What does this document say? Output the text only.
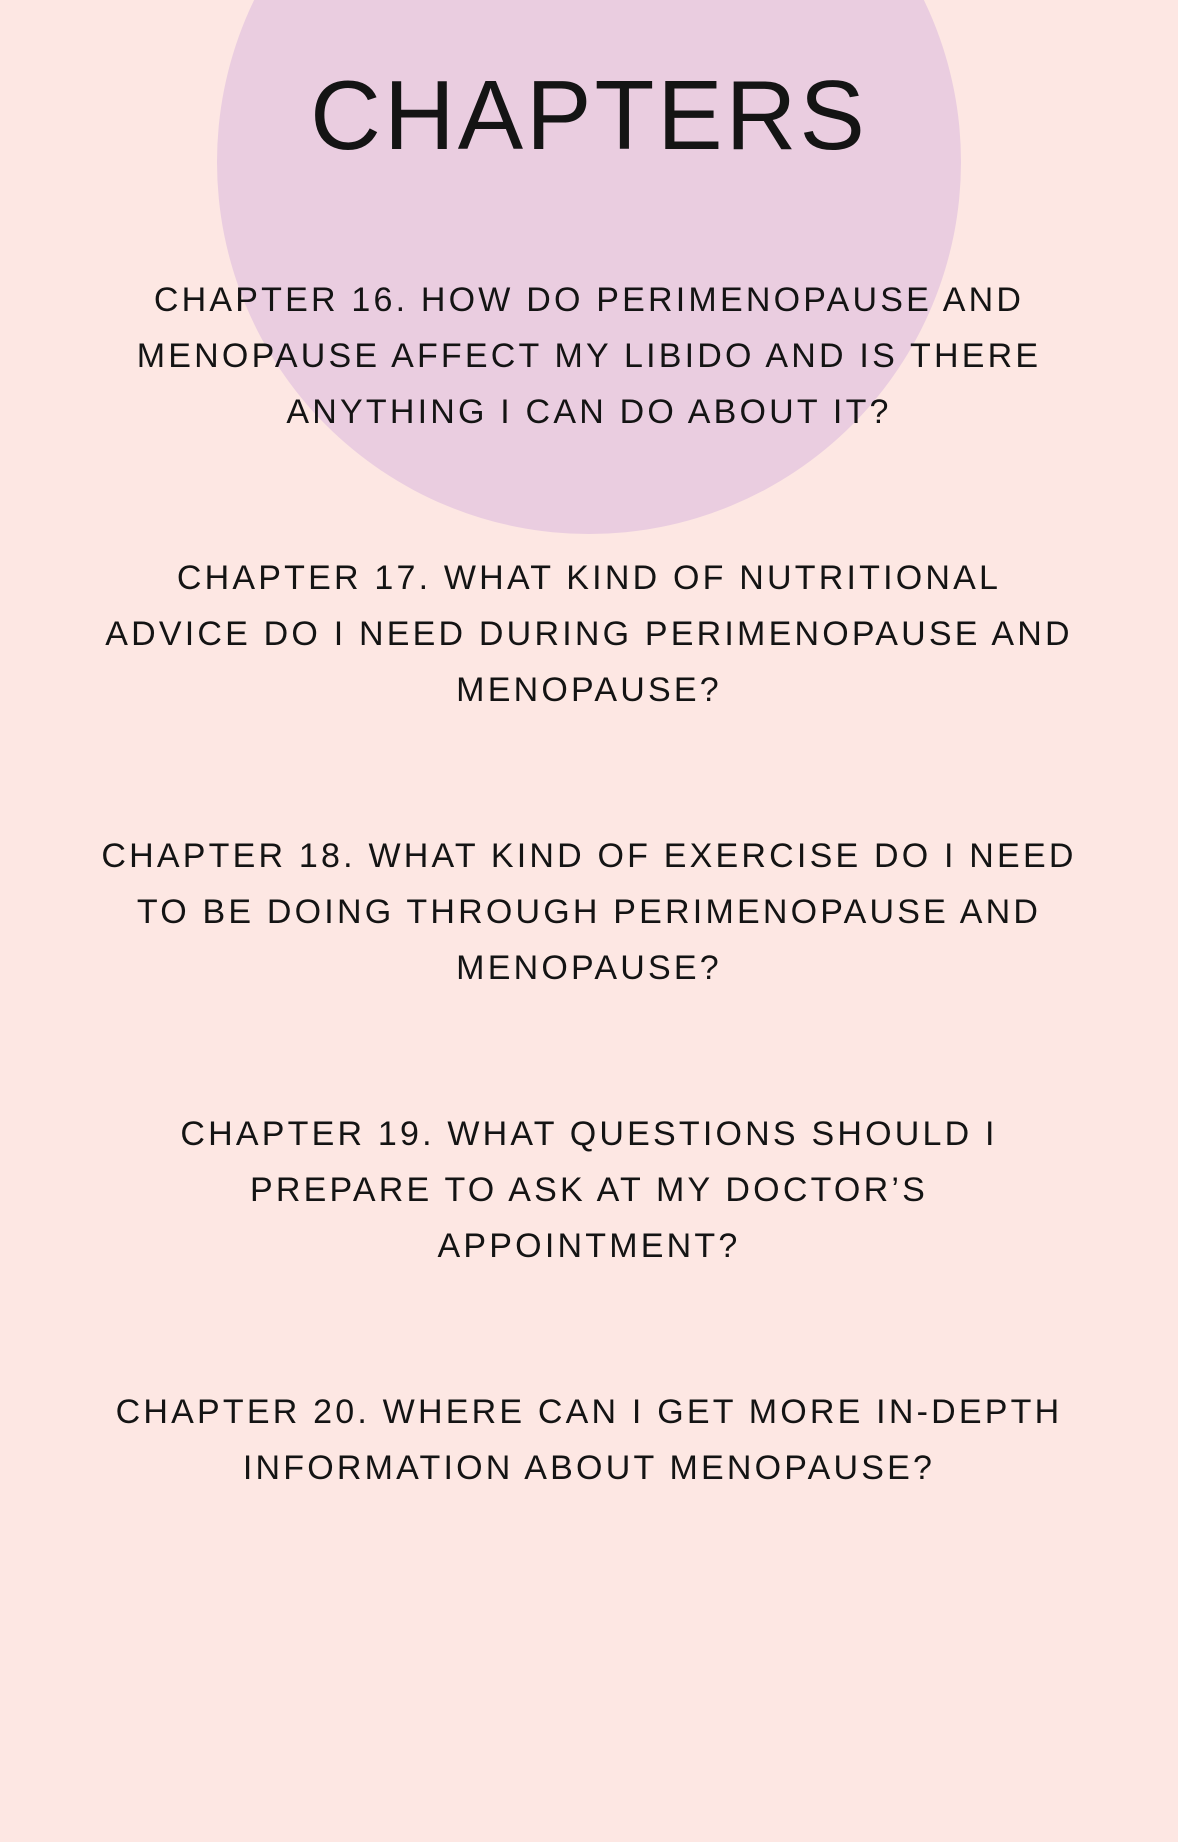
CHAPTERS
CHAPTER 16. HOW DO PERIMENOPAUSE AND MENOPAUSE AFFECT MY LIBIDO AND IS THERE ANYTHING I CAN DO ABOUT IT?
CHAPTER 17. WHAT KIND OF NUTRITIONAL ADVICE DO I NEED DURING PERIMENOPAUSE AND MENOPAUSE?
CHAPTER 18. WHAT KIND OF EXERCISE DO I NEED TO BE DOING THROUGH PERIMENOPAUSE AND MENOPAUSE?
CHAPTER 19. WHAT QUESTIONS SHOULD I PREPARE TO ASK AT MY DOCTOR’S APPOINTMENT?
CHAPTER 20. WHERE CAN I GET MORE IN-DEPTH INFORMATION ABOUT MENOPAUSE?
